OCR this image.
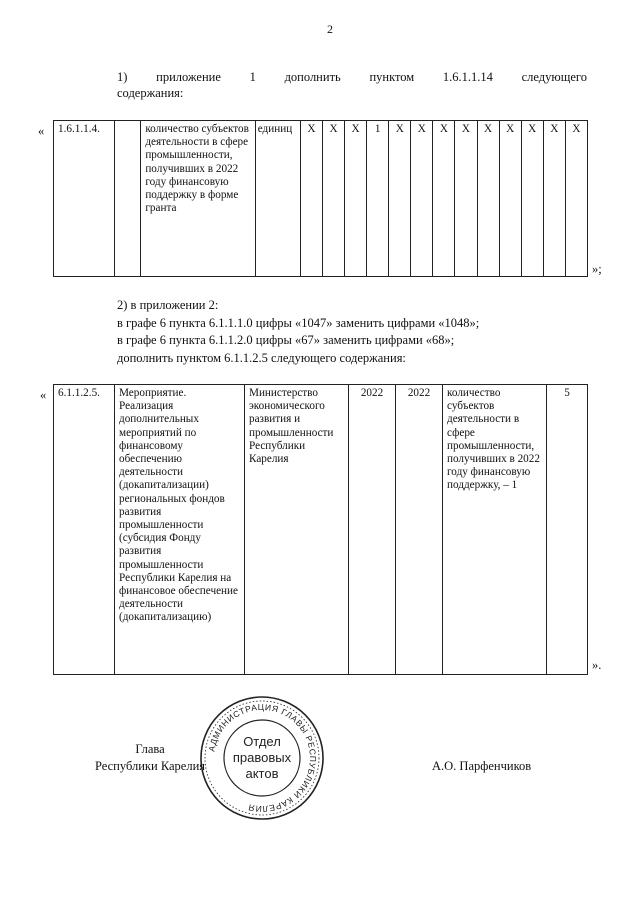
2
1) приложение 1 дополнить пунктом 1.6.1.1.14 следующего
содержания:
« 1.6.1.1.4.		количество субъектов деятельности в сфере промышленности, получивших в 2022 году финансовую поддержку в форме гранта	единиц	Х	Х	Х	1	Х	Х	Х	Х	Х	Х	Х	Х	Х
»;
2) в приложении 2:
в графе 6 пункта 6.1.1.1.0 цифры «1047» заменить цифрами «1048»;
в графе 6 пункта 6.1.1.2.0 цифры «67» заменить цифрами «68»;
дополнить пунктом 6.1.1.2.5 следующего содержания:
« 6.1.1.2.5.	Мероприятие. Реализация дополнительных мероприятий по финансовому обеспечению деятельности (докапитализации) региональных фондов развития промышленности (субсидия Фонду развития промышленности Республики Карелия на финансовое обеспечение деятельности (докапитализацию)	Министерство экономического развития и промышленности Республики Карелия	2022	2022	количество субъектов деятельности в сфере промышленности, получивших в 2022 году финансовую поддержку, – 1	5
».
Глава
Республики Карелия	А.О. Парфенчиков
АДМИНИСТРАЦИЯ ГЛАВЫ РЕСПУБЛИКИ КАРЕЛИЯ
Отдел
правовых
актов
